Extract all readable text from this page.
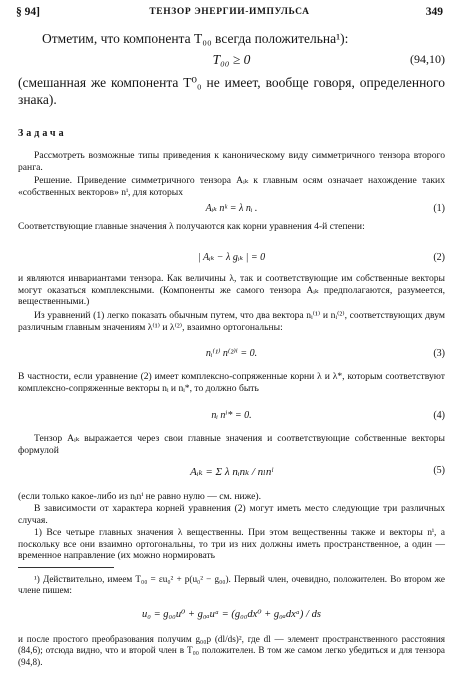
§ 94]	ТЕНЗОР ЭНЕРГИИ-ИМПУЛЬСА	349
Отметим, что компонента T₀₀ всегда положительна¹):
T₀₀ ≥ 0	(94,10)
(смешанная же компонента T⁰₀ не имеет, вообще говоря, определенного знака).
Задача
Рассмотреть возможные типы приведения к каноническому виду симметричного тензора второго ранга.
Решение. Приведение симметричного тензора Aᵢₖ к главным осям означает нахождение таких «собственных векторов» nⁱ, для которых
Aᵢₖ nᵏ = λ nᵢ .	(1)
Соответствующие главные значения λ получаются как корни уравнения 4-й степени:
| Aᵢₖ − λ gᵢₖ | = 0	(2)
и являются инвариантами тензора. Как величины λ, так и соответствующие им собственные векторы могут оказаться комплексными. (Компоненты же самого тензора Aᵢₖ предполагаются, разумеется, вещественными.)
Из уравнений (1) легко показать обычным путем, что два вектора nᵢ⁽¹⁾ и nᵢ⁽²⁾, соответствующих двум различным главным значениям λ⁽¹⁾ и λ⁽²⁾, взаимно ортогональны:
nᵢ⁽¹⁾ n⁽²⁾ⁱ = 0.	(3)
В частности, если уравнение (2) имеет комплексно-сопряженные корни λ и λ*, которым соответствуют комплексно-сопряженные векторы nᵢ и nᵢ*, то должно быть
nᵢ nⁱ* = 0.	(4)
Тензор Aᵢₖ выражается через свои главные значения и соответствующие собственные векторы формулой
Aᵢₖ = Σ λ nᵢnₖ / nₗnˡ	(5)
(если только какое-либо из nᵢnⁱ не равно нулю — см. ниже).
В зависимости от характера корней уравнения (2) могут иметь место следующие три различных случая.
1) Все четыре главных значения λ вещественны. При этом вещественны также и векторы nⁱ, а поскольку все они взаимно ортогональны, то три из них должны иметь пространственное, а один — временное направление (их можно нормировать
¹) Действительно, имеем T₀₀ = εu₀² + p(u₀² − g₀₀). Первый член, очевидно, положителен. Во втором же члене пишем:
u₀ = g₀₀u⁰ + g₀ₐuᵃ = (g₀₀dx⁰ + g₀ₐdxᵃ) / ds
и после простого преобразования получим g₀₀p (dl/ds)², где dl — элемент пространственного расстояния (84,6); отсюда видно, что и второй член в T₀₀ положителен. В том же самом легко убедиться и для тензора (94,8).
